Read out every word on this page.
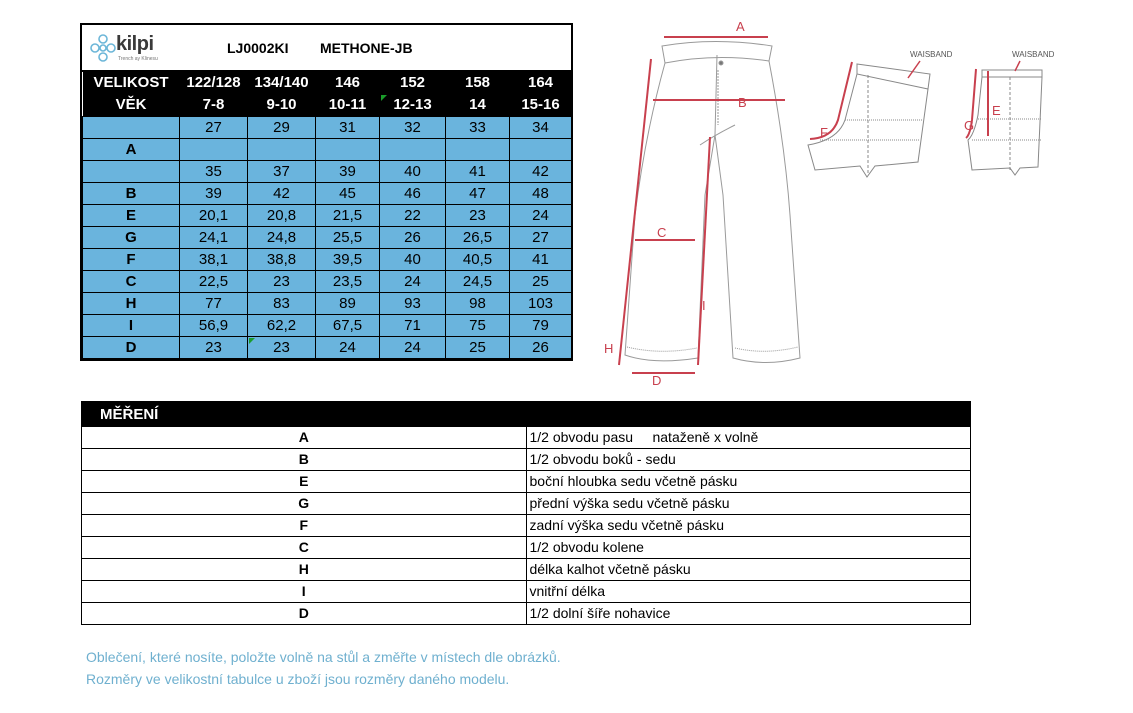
kilpi
Trench ay Klinesu
LJ0002KI METHONE-JB
VELIKOST	122/128	134/140	146	152	158	164
VĚK	7-8	9-10	10-11	12-13	14	15-16
	27	29	31	32	33	34
A						
	35	37	39	40	41	42
B	39	42	45	46	47	48
E	20,1	20,8	21,5	22	23	24
G	24,1	24,8	25,5	26	26,5	27
F	38,1	38,8	39,5	40	40,5	41
C	22,5	23	23,5	24	24,5	25
H	77	83	89	93	98	103
I	56,9	62,2	67,5	71	75	79
D	23	23	24	24	25	26
A
B
C
D
H
I
WAISBAND
F
WAISBAND
E
G
MĚŘENÍ	
A	1/2 obvodu pasu     nataženě x volně
B	1/2 obvodu boků - sedu
E	boční hloubka sedu včetně pásku
G	přední výška sedu včetně pásku
F	zadní výška sedu včetně pásku
C	1/2 obvodu kolene
H	délka kalhot včetně pásku
I	vnitřní délka
D	1/2 dolní šíře nohavice
Oblečení, které nosíte, položte volně na stůl a změřte v místech dle obrázků.
Rozměry ve velikostní tabulce u zboží jsou rozměry daného modelu.
